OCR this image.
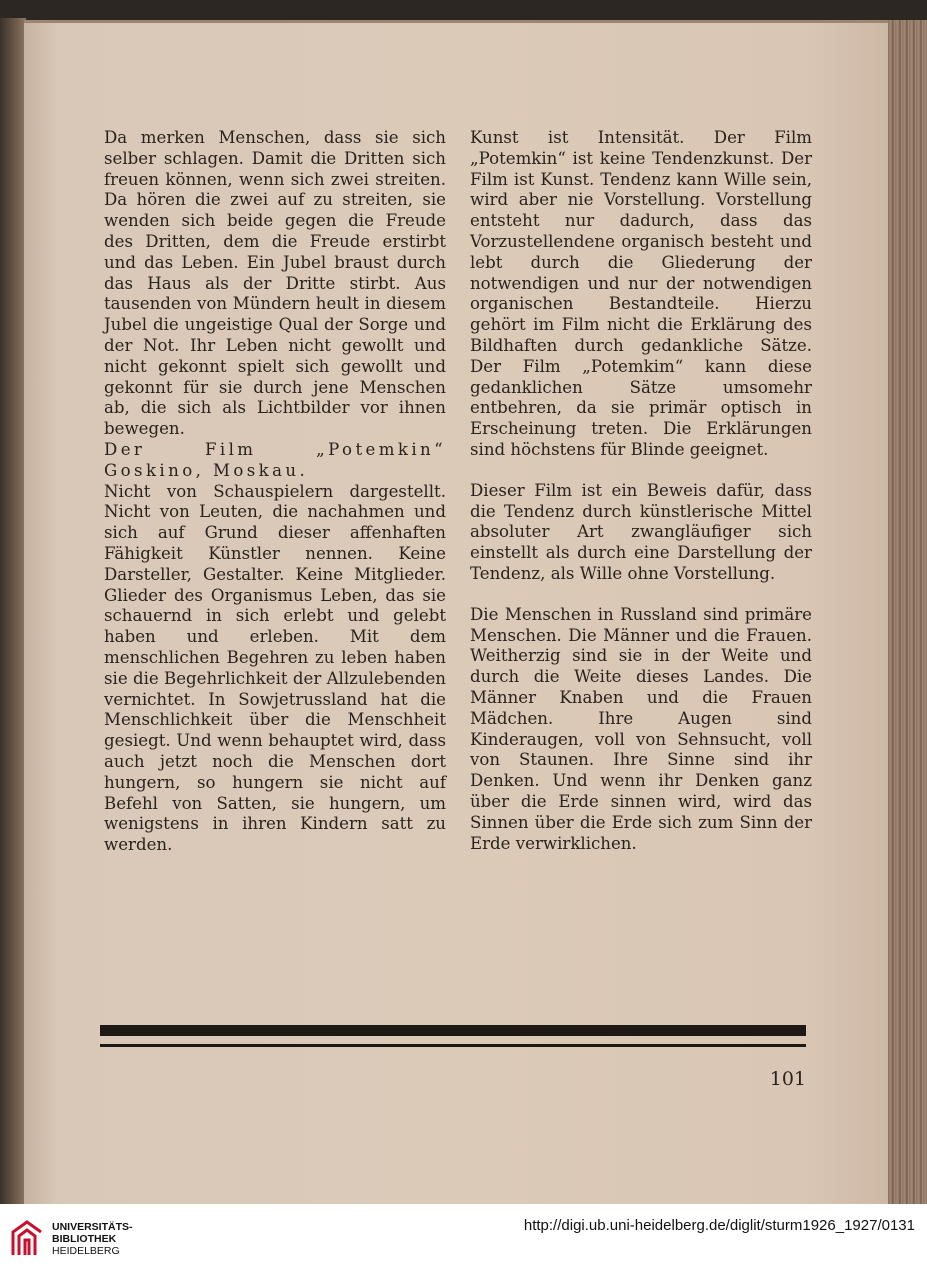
Da merken Menschen, dass sie sich selber schlagen. Damit die Dritten sich freuen können, wenn sich zwei streiten. Da hören die zwei auf zu streiten, sie wenden sich beide gegen die Freude des Dritten, dem die Freude erstirbt und das Leben. Ein Jubel braust durch das Haus als der Dritte stirbt. Aus tausenden von Mündern heult in diesem Jubel die ungeistige Qual der Sorge und der Not. Ihr Leben nicht gewollt und nicht gekonnt spielt sich gewollt und gekonnt für sie durch jene Menschen ab, die sich als Lichtbilder vor ihnen bewegen.

Der Film „Potemkin“ Goskino, Moskau.

Nicht von Schauspielern dargestellt. Nicht von Leuten, die nachahmen und sich auf Grund dieser affenhaften Fähigkeit Künstler nennen. Keine Darsteller, Gestalter. Keine Mitglieder. Glieder des Organismus Leben, das sie schauernd in sich erlebt und gelebt haben und erleben. Mit dem menschlichen Begehren zu leben haben sie die Begehrlichkeit der Allzulebenden vernichtet. In Sowjetrussland hat die Menschlichkeit über die Menschheit gesiegt. Und wenn behauptet wird, dass auch jetzt noch die Menschen dort hungern, so hungern sie nicht auf Befehl von Satten, sie hungern, um wenigstens in ihren Kindern satt zu werden.

Kunst ist Intensität. Der Film „Potemkin“ ist keine Tendenzkunst. Der Film ist Kunst. Tendenz kann Wille sein, wird aber nie Vorstellung. Vorstellung entsteht nur dadurch, dass das Vorzustellendene organisch besteht und lebt durch die Gliederung der notwendigen und nur der notwendigen organischen Bestandteile. Hierzu gehört im Film nicht die Erklärung des Bildhaften durch gedankliche Sätze. Der Film „Potemkim“ kann diese gedanklichen Sätze umsomehr entbehren, da sie primär optisch in Erscheinung treten. Die Erklärungen sind höchstens für Blinde geeignet.

Dieser Film ist ein Beweis dafür, dass die Tendenz durch künstlerische Mittel absoluter Art zwangläufiger sich einstellt als durch eine Darstellung der Tendenz, als Wille ohne Vorstellung.

Die Menschen in Russland sind primäre Menschen. Die Männer und die Frauen. Weitherzig sind sie in der Weite und durch die Weite dieses Landes. Die Männer Knaben und die Frauen Mädchen. Ihre Augen sind Kinderaugen, voll von Sehnsucht, voll von Staunen. Ihre Sinne sind ihr Denken. Und wenn ihr Denken ganz über die Erde sinnen wird, wird das Sinnen über die Erde sich zum Sinn der Erde verwirklichen.

101
UNIVERSITÄTS-
BIBLIOTHEK
HEIDELBERG
http://digi.ub.uni-heidelberg.de/diglit/sturm1926_1927/0131
